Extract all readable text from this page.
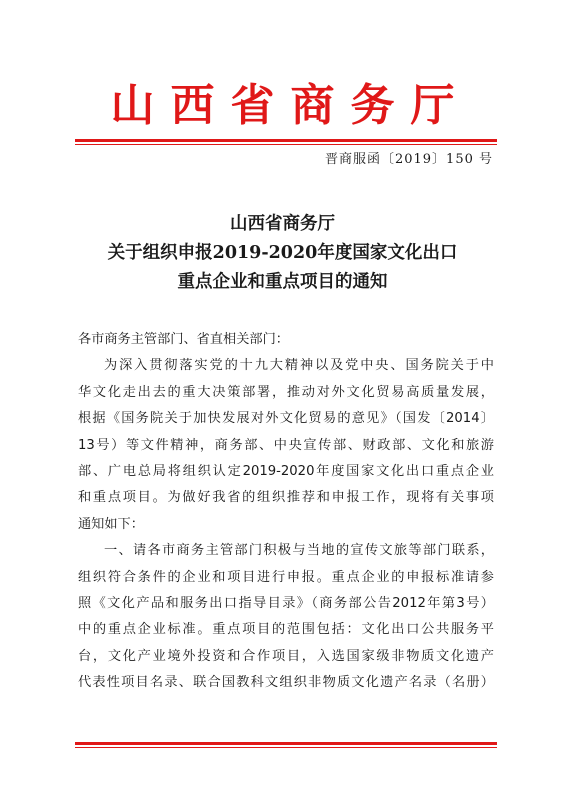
山西省商务厅
晋商服函〔2019〕150 号
山西省商务厅
关于组织申报2019-2020年度国家文化出口
重点企业和重点项目的通知
各市商务主管部门、省直相关部门：
为深入贯彻落实党的十九大精神以及党中央、国务院关于中
华文化走出去的重大决策部署，推动对外文化贸易高质量发展，
根据《国务院关于加快发展对外文化贸易的意见》（国发〔2014〕
13号）等文件精神，商务部、中央宣传部、财政部、文化和旅游
部、广电总局将组织认定2019-2020年度国家文化出口重点企业
和重点项目。为做好我省的组织推荐和申报工作，现将有关事项
通知如下：
一、请各市商务主管部门积极与当地的宣传文旅等部门联系，
组织符合条件的企业和项目进行申报。重点企业的申报标准请参
照《文化产品和服务出口指导目录》（商务部公告2012年第3号）
中的重点企业标准。重点项目的范围包括：文化出口公共服务平
台，文化产业境外投资和合作项目，入选国家级非物质文化遗产
代表性项目名录、联合国教科文组织非物质文化遗产名录（名册）
